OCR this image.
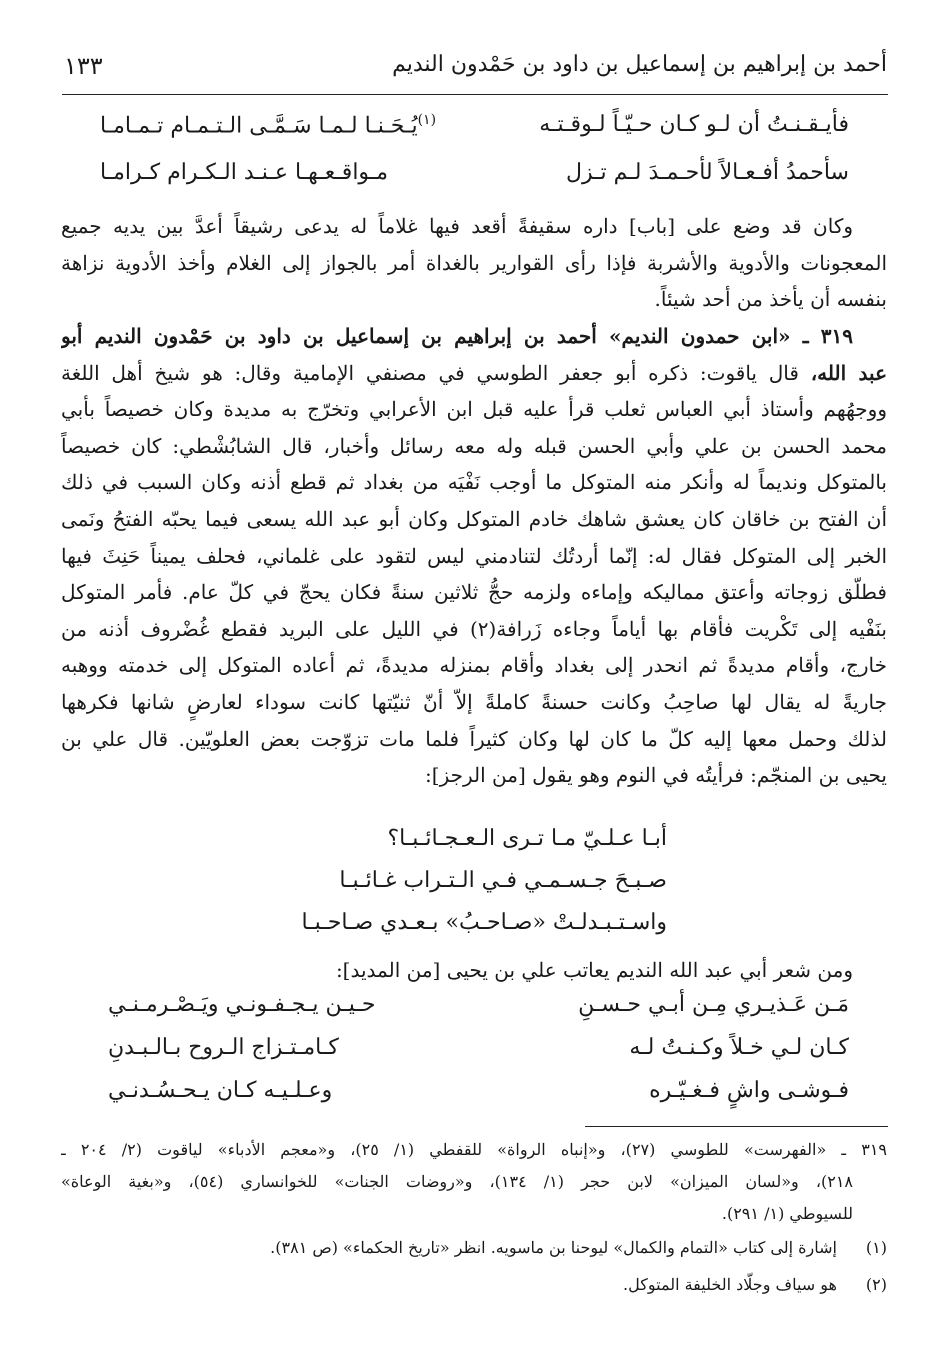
أحمد بن إبراهيم بن إسماعيل بن داود بن حَمْدون النديم
١٣٣
فأيـقـنـتُ أن لـو كـان حـيّـاً لـوقـتـه
$^{(١)}$يُـحَـنـا لـمـا سَـمَّـى الـتـمـام تـمـامـا
سأحمدُ أفـعـالاً لأحـمـدَ لـم تـزل
مـواقـعـهـا عـنـد الـكـرام كـرامـا
وكان قد وضع على [باب] داره سقيفةً أقعد فيها غلاماً له يدعى رشيقاً أعدَّ بين يديه جميع
المعجونات والأدوية والأشربة فإذا رأى القوارير بالغداة أمر بالجواز إلى الغلام وأخذ الأدوية نزاهة
بنفسه أن يأخذ من أحد شيئاً.
٣١٩ ـ «ابن حمدون النديم» أحمد بن إبراهيم بن إسماعيل بن داود بن حَمْدون النديم أبو
عبد الله، قال ياقوت: ذكره أبو جعفر الطوسي في مصنفي الإمامية وقال: هو شيخ أهل اللغة
ووجهُهم وأستاذ أبي العباس ثعلب قرأ عليه قبل ابن الأعرابي وتخرّج به مديدة وكان خصيصاً بأبي
محمد الحسن بن علي وأبي الحسن قبله وله معه رسائل وأخبار، قال الشابُشْطي: كان خصيصاً
بالمتوكل ونديماً له وأنكر منه المتوكل ما أوجب نَفْيَه من بغداد ثم قطع أذنه وكان السبب في ذلك
أن الفتح بن خاقان كان يعشق شاهك خادم المتوكل وكان أبو عبد الله يسعى فيما يحبّه الفتحُ ونَمى
الخبر إلى المتوكل فقال له: إنّما أردتُك لتنادمني ليس لتقود على غلماني، فحلف يميناً حَنِثَ فيها
فطلّق زوجاته وأعتق مماليكه وإماءه ولزمه حجُّ ثلاثين سنةً فكان يحجّ في كلّ عام. فأمر المتوكل
بنَفْيه إلى تَكْريت فأقام بها أياماً وجاءه زَرافة(٢) في الليل على البريد فقطع غُضْروف أذنه من
خارج، وأقام مديدةً ثم انحدر إلى بغداد وأقام بمنزله مديدةً، ثم أعاده المتوكل إلى خدمته ووهبه
جاريةً له يقال لها صاحِبُ وكانت حسنةً كاملةً إلاّ أنّ ثنيّتها كانت سوداء لعارضٍ شانها فكرهها
لذلك وحمل معها إليه كلّ ما كان لها وكان كثيراً فلما مات تزوّجت بعض العلويّين. قال علي بن
يحيى بن المنجّم: فرأيتُه في النوم وهو يقول [من الرجز]:
أبـا عـلـيّ مـا تـرى الـعـجـائـبـا؟
صـبـحَ جـسـمـي فـي الـتـراب غـائـبـا
واسـتـبـدلـتْ «صـاحـبُ» بـعـدي صـاحـبـا
ومن شعر أبي عبد الله النديم يعاتب علي بن يحيى [من المديد]:
مَـن عَـذيـري مِـن أبـي حـسـنِ
حـيـن يـجـفـونـي ويَـصْـرمـنـي
كـان لـي خـلاً وكـنـتُ لـه
كـامـتـزاج الـروح بـالـبـدنِ
فـوشـى واشٍ فـغـيّـره
وعـلـيـه كـان يـحـسُـدنـي
٣١٩ ـ «الفهرست» للطوسي (٢٧)، و«إنباه الرواة» للقفطي (١/ ٢٥)، و«معجم الأدباء» لياقوت (٢/ ٢٠٤ ـ
٢١٨)، و«لسان الميزان» لابن حجر (١/ ١٣٤)، و«روضات الجنات» للخوانساري (٥٤)، و«بغية الوعاة»
للسيوطي (١/ ٢٩١).
(١)إشارة إلى كتاب «التمام والكمال» ليوحنا بن ماسويه. انظر «تاريخ الحكماء» (ص ٣٨١).
(٢)هو سياف وجلّاد الخليفة المتوكل.
